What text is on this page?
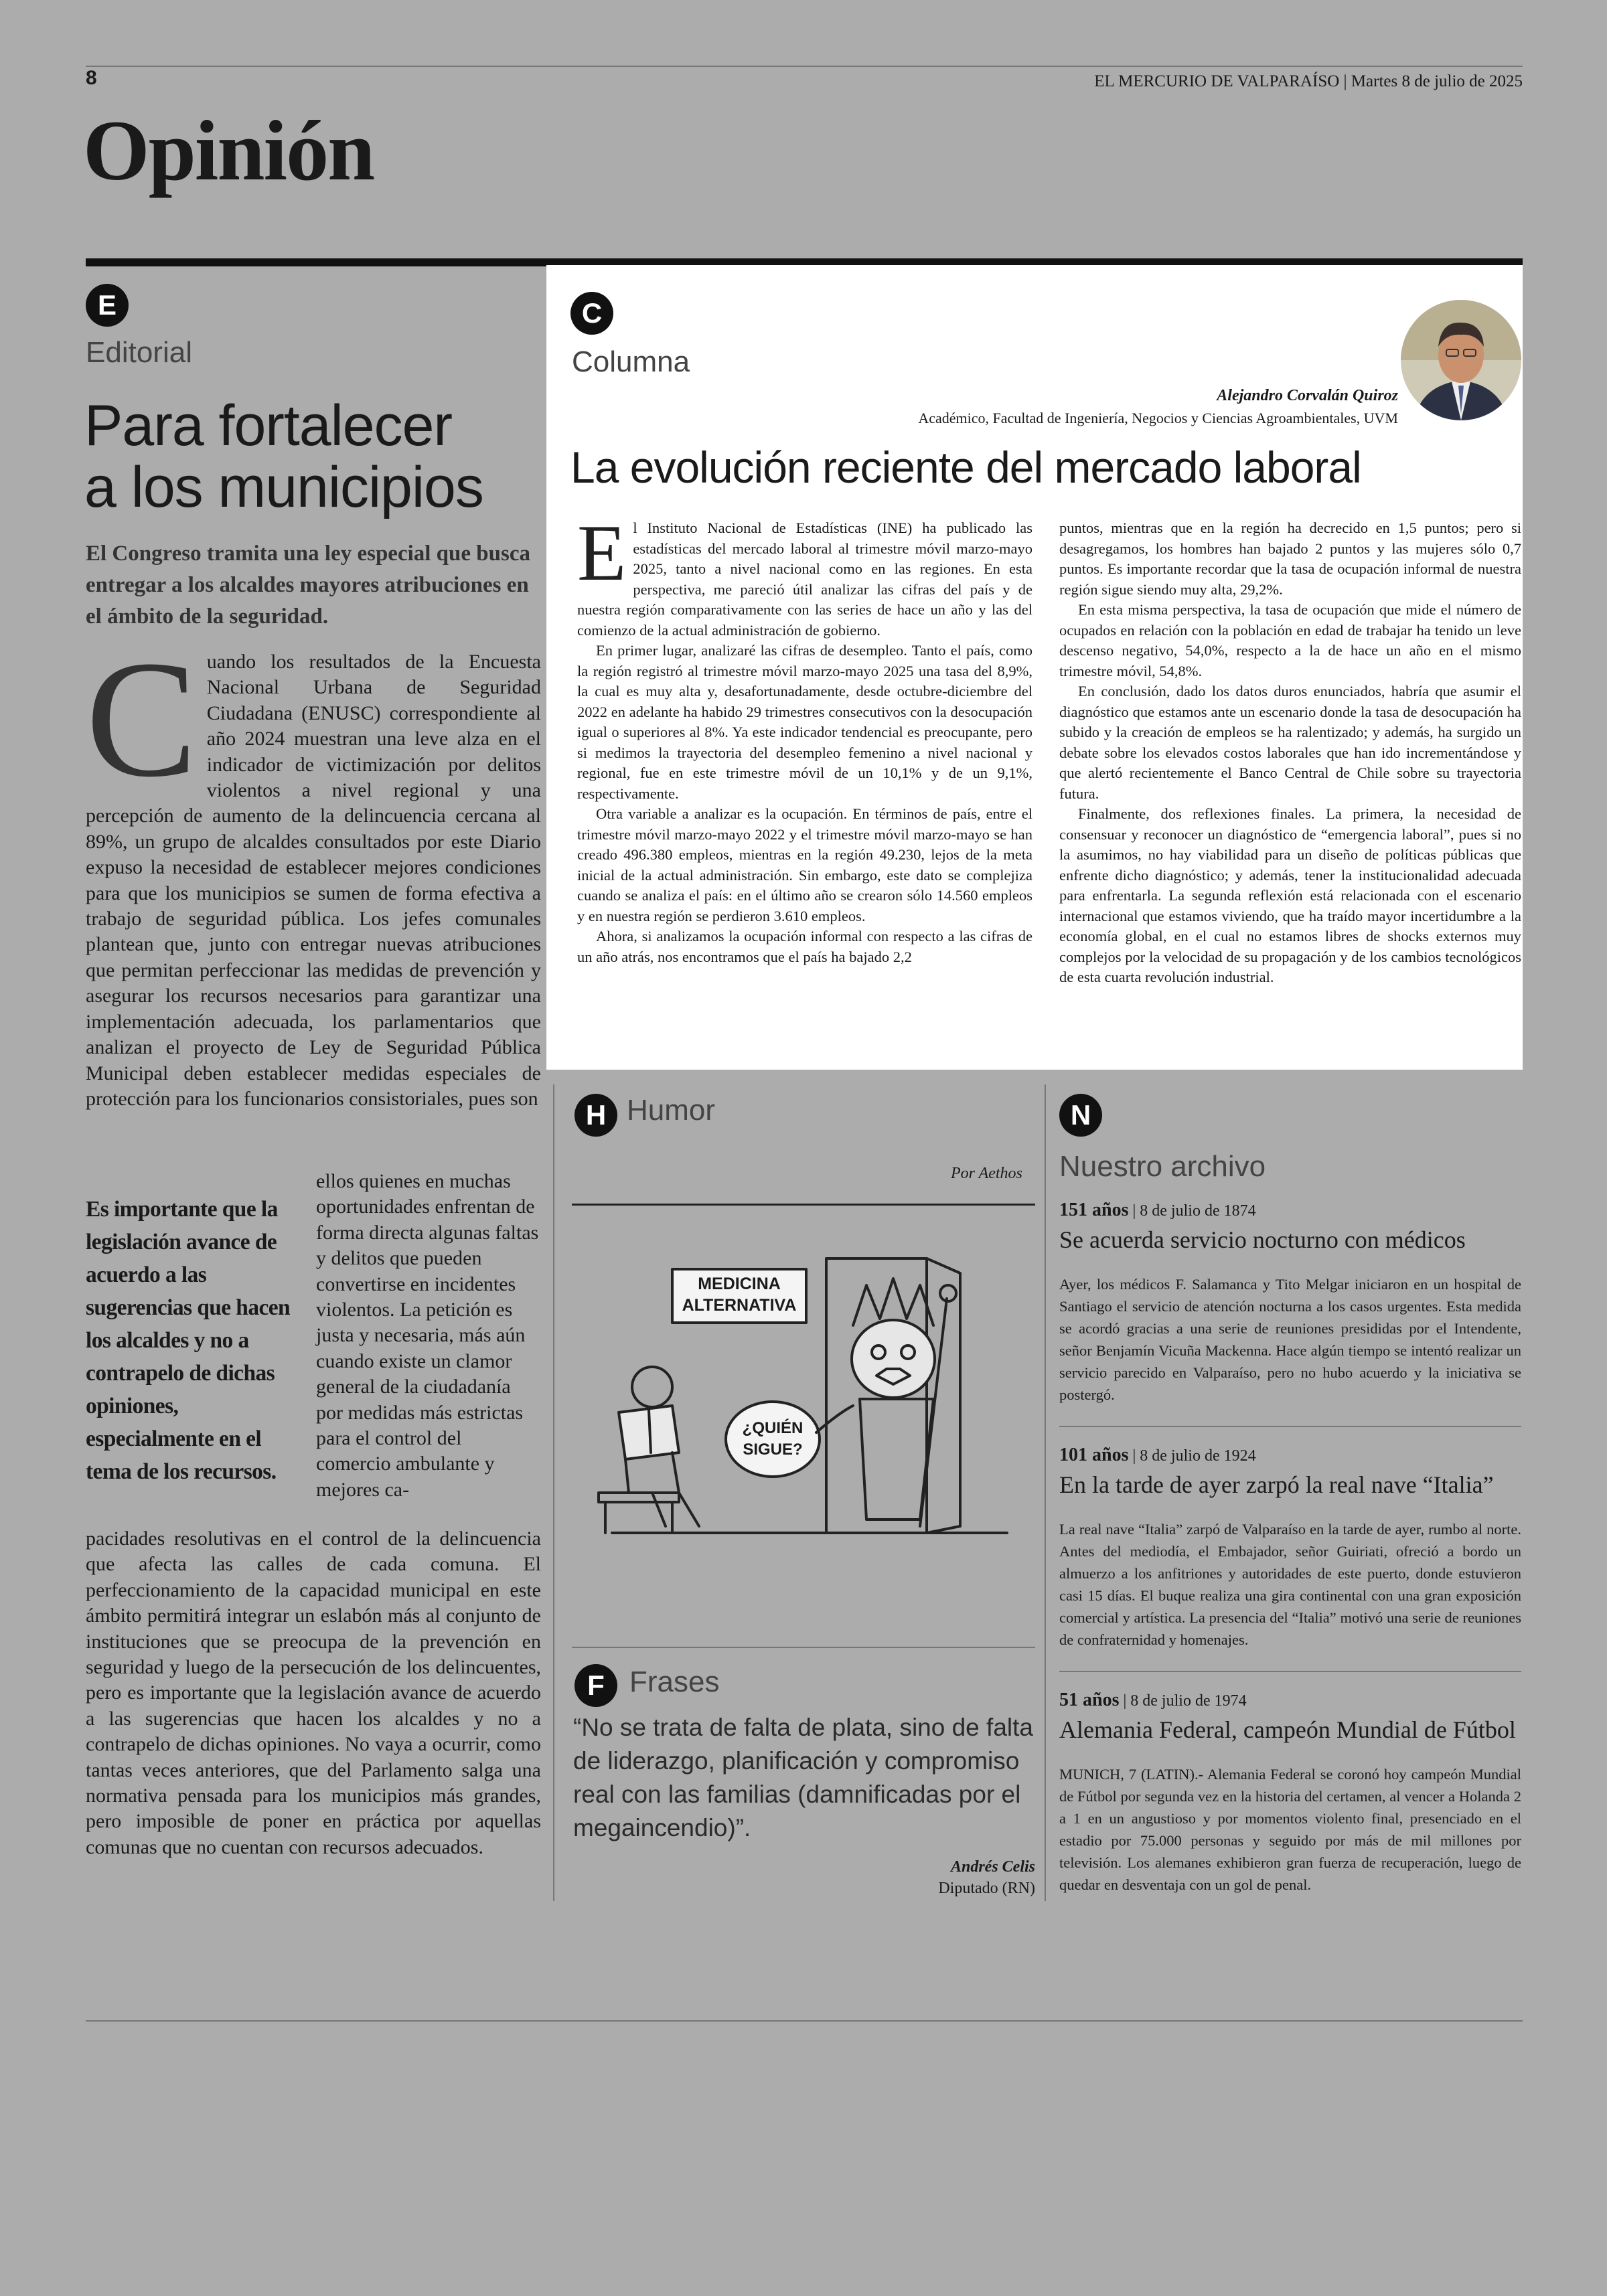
8	EL MERCURIO DE VALPARAÍSO | Martes 8 de julio de 2025
Opinión
E
Editorial
Para fortalecer
a los municipios
El Congreso tramita una ley especial que busca entregar a los alcaldes mayores atribuciones en el ámbito de la seguridad.
Cuando los resultados de la Encuesta Nacional Urbana de Seguridad Ciudadana (ENUSC) correspondiente al año 2024 muestran una leve alza en el indicador de victimización por delitos violentos a nivel regional y una percepción de aumento de la delincuencia cercana al 89%, un grupo de alcaldes consultados por este Diario expuso la necesidad de establecer mejores condiciones para que los municipios se sumen de forma efectiva a trabajo de seguridad pública. Los jefes comunales plantean que, junto con entregar nuevas atribuciones que permitan perfeccionar las medidas de prevención y asegurar los recursos necesarios para garantizar una implementación adecuada, los parlamentarios que analizan el proyecto de Ley de Seguridad Pública Municipal deben establecer medidas especiales de protección para los funcionarios consistoriales, pues son
Es importante que la legislación avance de acuerdo a las sugerencias que hacen los alcaldes y no a contrapelo de dichas opiniones, especialmente en el tema de los recursos.
ellos quienes en muchas oportunidades enfrentan de forma directa algunas faltas y delitos que pueden convertirse en incidentes violentos. La petición es justa y necesaria, más aún cuando existe un clamor general de la ciudadanía por medidas más estrictas para el control del comercio ambulante y mejores ca-
pacidades resolutivas en el control de la delincuencia que afecta las calles de cada comuna. El perfeccionamiento de la capacidad municipal en este ámbito permitirá integrar un eslabón más al conjunto de instituciones que se preocupa de la prevención en seguridad y luego de la persecución de los delincuentes, pero es importante que la legislación avance de acuerdo a las sugerencias que hacen los alcaldes y no a contrapelo de dichas opiniones. No vaya a ocurrir, como tantas veces anteriores, que del Parlamento salga una normativa pensada para los municipios más grandes, pero imposible de poner en práctica por aquellas comunas que no cuentan con recursos adecuados.
C
Columna
Alejandro Corvalán Quiroz
Académico, Facultad de Ingeniería, Negocios y Ciencias Agroambientales, UVM
La evolución reciente del mercado laboral

El Instituto Nacional de Estadísticas (INE) ha publicado las estadísticas del mercado laboral al trimestre móvil marzo-mayo 2025, tanto a nivel nacional como en las regiones. En esta perspectiva, me pareció útil analizar las cifras del país y de nuestra región comparativamente con las series de hace un año y las del comienzo de la actual administración de gobierno.

En primer lugar, analizaré las cifras de desempleo. Tanto el país, como la región registró al trimestre móvil marzo-mayo 2025 una tasa del 8,9%, la cual es muy alta y, desafortunadamente, desde octubre-diciembre del 2022 en adelante ha habido 29 trimestres consecutivos con la desocupación igual o superiores al 8%. Ya este indicador tendencial es preocupante, pero si medimos la trayectoria del desempleo femenino a nivel nacional y regional, fue en este trimestre móvil de un 10,1% y de un 9,1%, respectivamente.

Otra variable a analizar es la ocupación. En términos de país, entre el trimestre móvil marzo-mayo 2022 y el trimestre móvil marzo-mayo se han creado 496.380 empleos, mientras en la región 49.230, lejos de la meta inicial de la actual administración. Sin embargo, este dato se complejiza cuando se analiza el país: en el último año se crearon sólo 14.560 empleos y en nuestra región se perdieron 3.610 empleos.

Ahora, si analizamos la ocupación informal con respecto a las cifras de un año atrás, nos encontramos que el país ha bajado 2,2

puntos, mientras que en la región ha decrecido en 1,5 puntos; pero si desagregamos, los hombres han bajado 2 puntos y las mujeres sólo 0,7 puntos. Es importante recordar que la tasa de ocupación informal de nuestra región sigue siendo muy alta, 29,2%.

En esta misma perspectiva, la tasa de ocupación que mide el número de ocupados en relación con la población en edad de trabajar ha tenido un leve descenso negativo, 54,0%, respecto a la de hace un año en el mismo trimestre móvil, 54,8%.

En conclusión, dado los datos duros enunciados, habría que asumir el diagnóstico que estamos ante un escenario donde la tasa de desocupación ha subido y la creación de empleos se ha ralentizado; y además, ha surgido un debate sobre los elevados costos laborales que han ido incrementándose y que alertó recientemente el Banco Central de Chile sobre su trayectoria futura.

Finalmente, dos reflexiones finales. La primera, la necesidad de consensuar y reconocer un diagnóstico de “emergencia laboral”, pues si no la asumimos, no hay viabilidad para un diseño de políticas públicas que enfrente dicho diagnóstico; y además, tener la institucionalidad adecuada para enfrentarla. La segunda reflexión está relacionada con el escenario internacional que estamos viviendo, que ha traído mayor incertidumbre a la economía global, en el cual no estamos libres de shocks externos muy complejos por la velocidad de su propagación y de los cambios tecnológicos de esta cuarta revolución industrial.

H Humor
Por Aethos
MEDICINA ALTERNATIVA
¿QUIÉN SIGUE?
F Frases
“No se trata de falta de plata, sino de falta de liderazgo, planificación y compromiso real con las familias (damnificadas por el megaincendio)”.
Andrés Celis
Diputado (RN)
N
Nuestro archivo
151 años | 8 de julio de 1874
Se acuerda servicio nocturno con médicos
Ayer, los médicos F. Salamanca y Tito Melgar iniciaron en un hospital de Santiago el servicio de atención nocturna a los casos urgentes. Esta medida se acordó gracias a una serie de reuniones presididas por el Intendente, señor Benjamín Vicuña Mackenna. Hace algún tiempo se intentó realizar un servicio parecido en Valparaíso, pero no hubo acuerdo y la iniciativa se postergó.
101 años | 8 de julio de 1924
En la tarde de ayer zarpó la real nave “Italia”
La real nave “Italia” zarpó de Valparaíso en la tarde de ayer, rumbo al norte. Antes del mediodía, el Embajador, señor Guiriati, ofreció a bordo un almuerzo a los anfitriones y autoridades de este puerto, donde estuvieron casi 15 días. El buque realiza una gira continental con una gran exposición comercial y artística. La presencia del “Italia” motivó una serie de reuniones de confraternidad y homenajes.
51 años | 8 de julio de 1974
Alemania Federal, campeón Mundial de Fútbol
MUNICH, 7 (LATIN).- Alemania Federal se coronó hoy campeón Mundial de Fútbol por segunda vez en la historia del certamen, al vencer a Holanda 2 a 1 en un angustioso y por momentos violento final, presenciado en el estadio por 75.000 personas y seguido por más de mil millones por televisión. Los alemanes exhibieron gran fuerza de recuperación, luego de quedar en desventaja con un gol de penal.
